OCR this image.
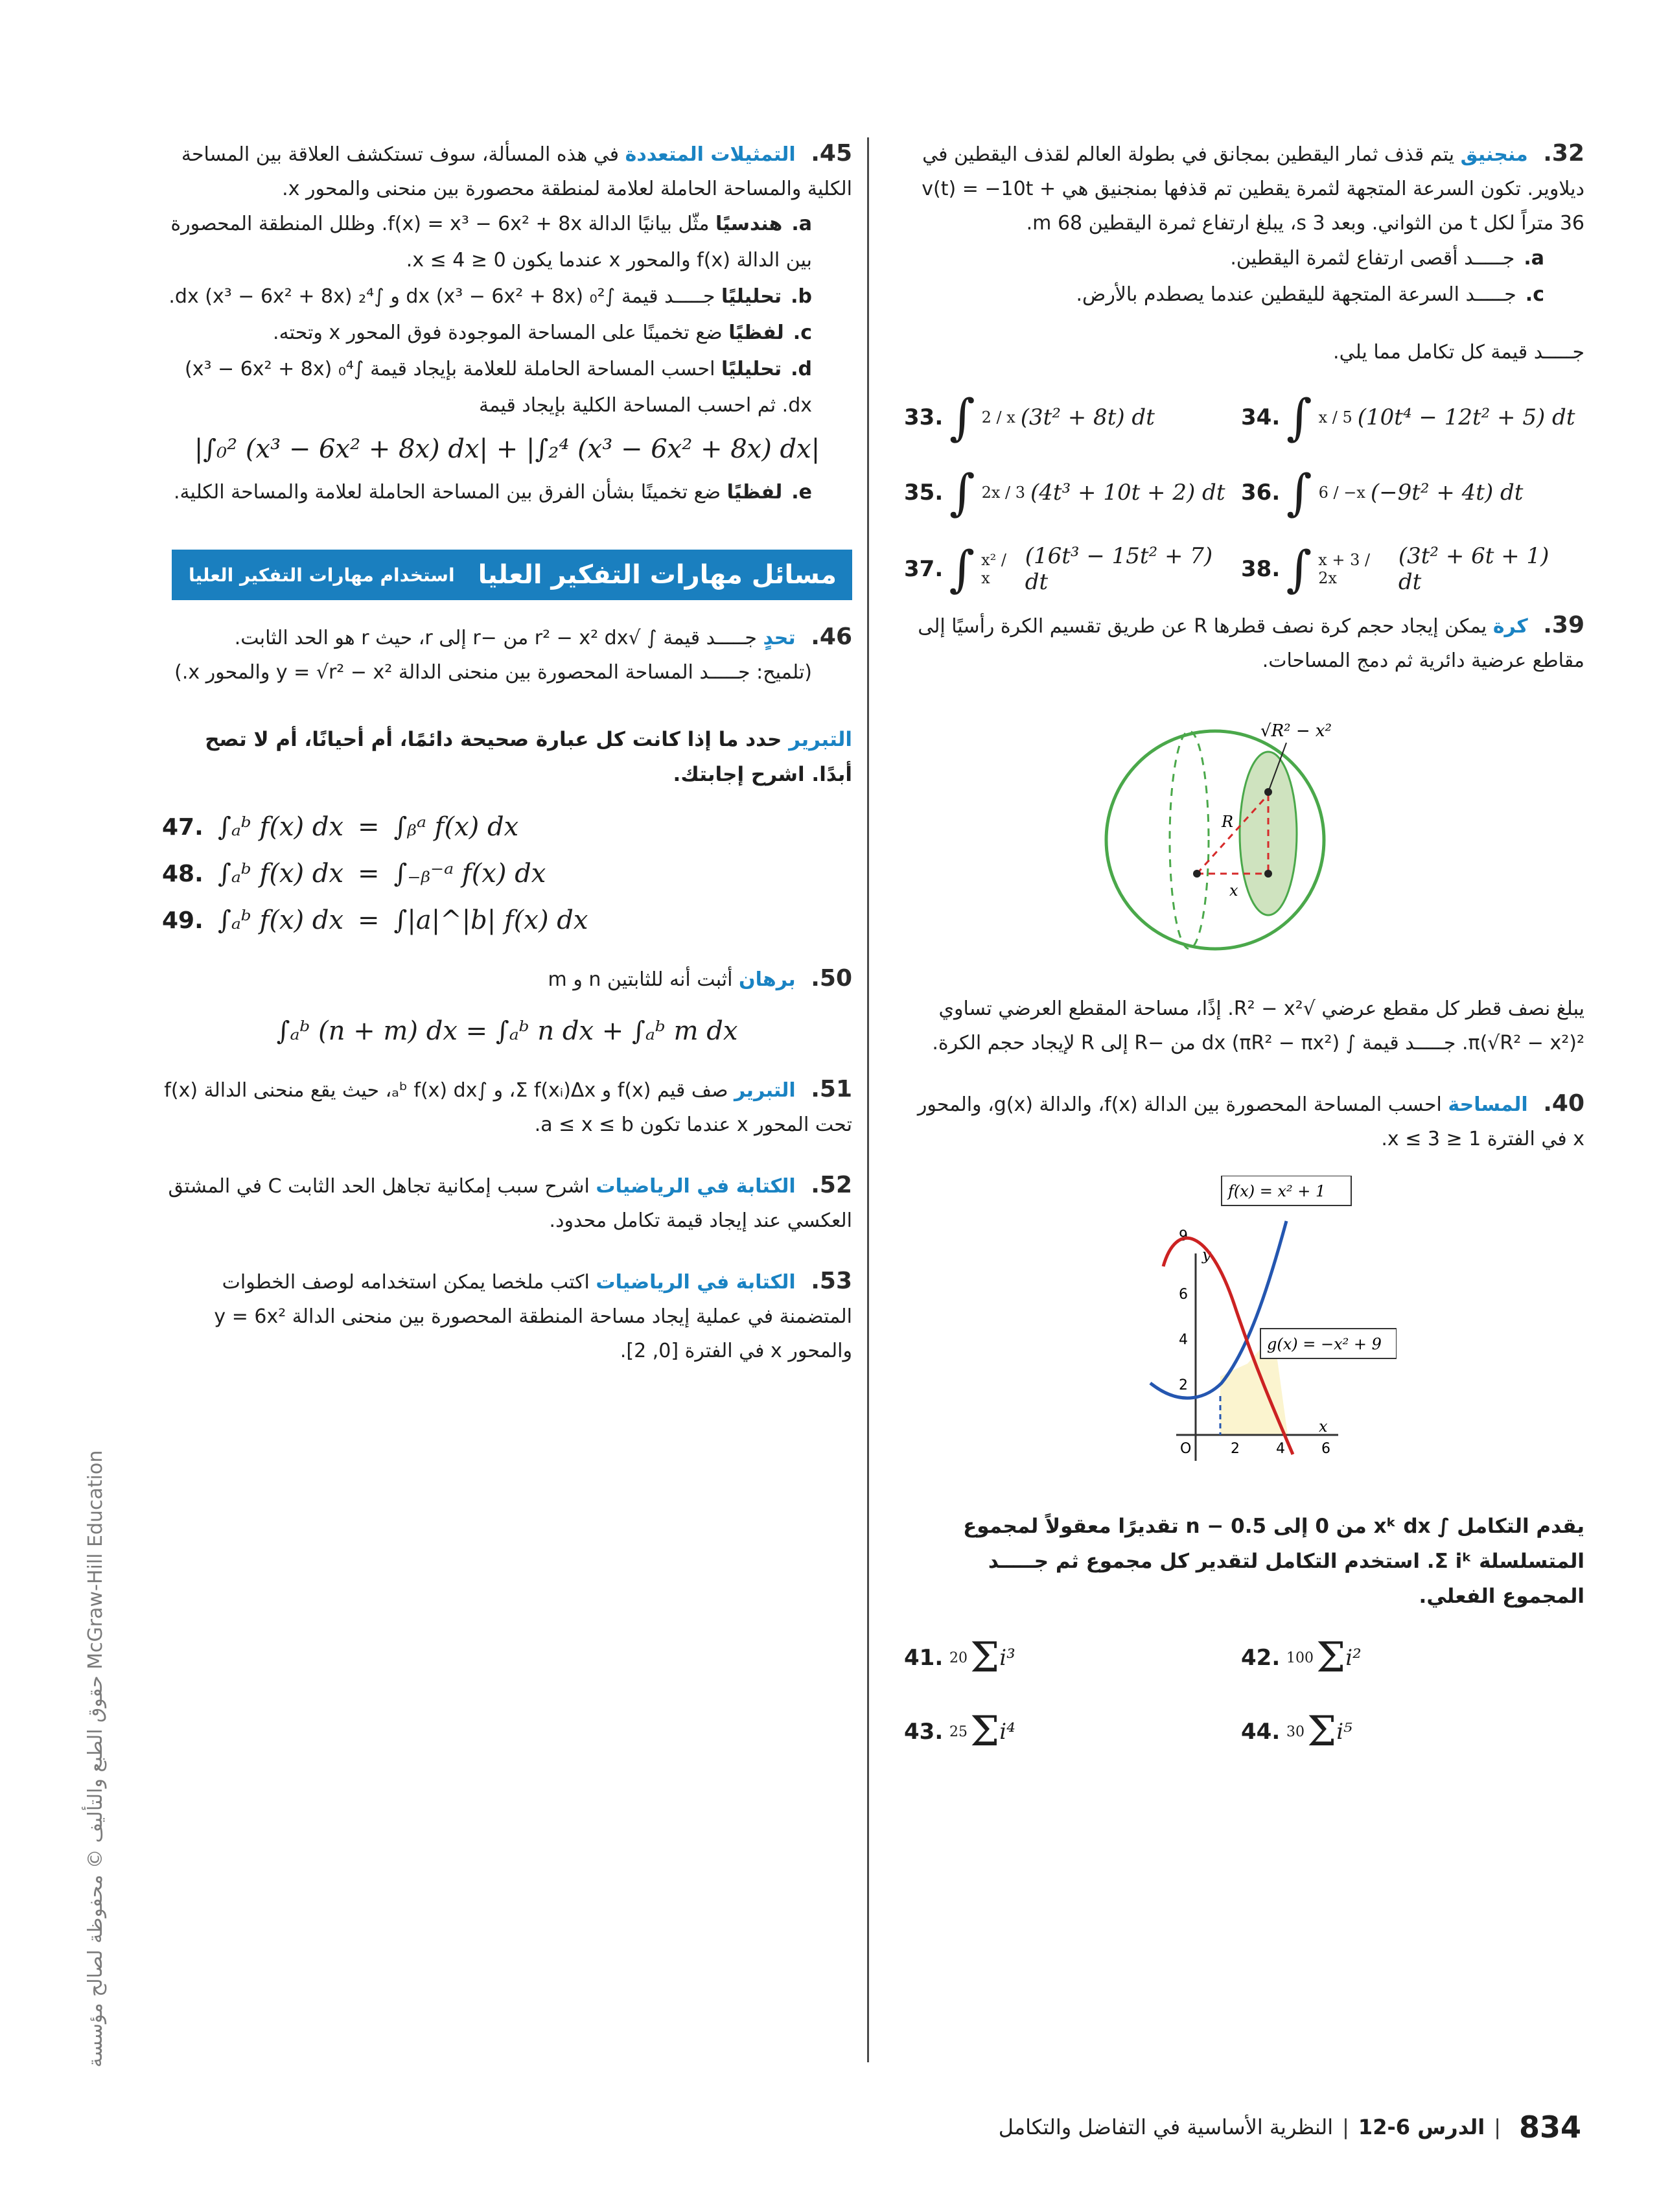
32. منجنيق يتم قذف ثمار اليقطين بمجانق في بطولة العالم لقذف اليقطين في ديلاوير. تكون السرعة المتجهة لثمرة يقطين تم قذفها بمنجنيق هي v(t) = −10t + 36 متراً لكل t من الثواني. وبعد 3 s، يبلغ ارتفاع ثمرة اليقطين 68 m.

a.جـــــد أقصى ارتفاع لثمرة اليقطين.
c.جـــــد السرعة المتجهة لليقطين عندما يصطدم بالأرض.

جـــــد قيمة كل تكامل مما يلي.

33. ∫ 2 / x (3t² + 8t) dt	34. ∫ x / 5 (10t⁴ − 12t² + 5) dt
35. ∫ 2x / 3 (4t³ + 10t + 2) dt 36. ∫ 6 / −x (−9t² + 4t) dt
37. ∫ x² / x
(16t³ − 15t² + 7) dt	38. ∫ x + 3 / 2x
(3t² + 6t + 1) dt

39. كرة يمكن إيجاد حجم كرة نصف قطرها R عن طريق تقسيم الكرة رأسيًا إلى مقاطع عرضية دائرية ثم دمج المساحات.

√R² − x²
R
x

يبلغ نصف قطر كل مقطع عرضي √R² − x². إذًا، مساحة المقطع العرضي تساوي π(√R² − x²)². جـــــد قيمة ∫ (πR² − πx²) dx من −R إلى R لإيجاد حجم الكرة.

40. المساحة احسب المساحة المحصورة بين الدالة f(x)، والدالة g(x)، والمحور x في الفترة 1 ≤ x ≤ 3.

x
y
O
2
4
6
9
2	4	6
f(x) = x² + 1
g(x) = −x² + 9

يقدم التكامل ∫ xᵏ dx من 0 إلى n − 0.5 تقديرًا معقولاً لمجموع المتسلسلة Σ iᵏ. استخدم التكامل لتقدير كل مجموع ثم جـــــد المجموع الفعلي.

41. 20 Σ i³	42. 100 Σ i²
43. 25 Σ i⁴	44. 30 Σ i⁵

45. التمثيلات المتعددة في هذه المسألة، سوف تستكشف العلاقة بين المساحة الكلية والمساحة الحاملة لعلامة لمنطقة محصورة بين منحنى والمحور x.

a.هندسيًا مثّل بيانيًا الدالة f(x) = x³ − 6x² + 8x. وظلل المنطقة المحصورة بين الدالة f(x) والمحور x عندما يكون 0 ≤ x ≤ 4.
b.تحليليًا جـــــد قيمة ∫₀² (x³ − 6x² + 8x) dx و ∫₂⁴ (x³ − 6x² + 8x) dx.
c.لفظيًا ضع تخمينًا على المساحة الموجودة فوق المحور x وتحته.
d.تحليليًا احسب المساحة الحاملة للعلامة بإيجاد قيمة ∫₀⁴ (x³ − 6x² + 8x) dx. ثم احسب المساحة الكلية بإيجاد قيمة
|∫₀² (x³ − 6x² + 8x) dx| + |∫₂⁴ (x³ − 6x² + 8x) dx|
e.لفظيًا ضع تخمينًا بشأن الفرق بين المساحة الحاملة لعلامة والمساحة الكلية.
مسائل مهارات التفكير العليا
استخدام مهارات التفكير العليا

46. تحدٍ جـــــد قيمة ∫ √r² − x² dx من −r إلى r، حيث r هو الحد الثابت.

(تلميح: جـــــد المساحة المحصورة بين منحنى الدالة y = √r² − x² والمحور x.)

التبرير حدد ما إذا كانت كل عبارة صحيحة دائمًا، أم أحيانًا، أم لا تصح أبدًا. اشرح إجابتك.

47. ∫ₐᵇ f(x) dx = ∫ᵦᵃ f(x) dx
48. ∫ₐᵇ f(x) dx = ∫₋ᵦ⁻ᵃ f(x) dx
49. ∫ₐᵇ f(x) dx = ∫|a|^|b| f(x) dx

50. برهان أثبت أنه للثابتين n و m

∫ₐᵇ (n + m) dx = ∫ₐᵇ n dx + ∫ₐᵇ m dx

51. التبرير صف قيم f(x) و Σ f(xᵢ)Δx، و ∫ₐᵇ f(x) dx، حيث يقع منحنى الدالة f(x) تحت المحور x عندما تكون a ≤ x ≤ b.

52. الكتابة في الرياضيات اشرح سبب إمكانية تجاهل الحد الثابت C في المشتق العكسي عند إيجاد قيمة تكامل محدود.

53. الكتابة في الرياضيات اكتب ملخصا يمكن استخدامه لوصف الخطوات المتضمنة في عملية إيجاد مساحة المنطقة المحصورة بين منحنى الدالة y = 6x² والمحور x في الفترة [0, 2].

McGraw-Hill Education حقوق الطبع والتأليف © محفوظة لصالح مؤسسة
834
|
الدرس 6-12
|
النظرية الأساسية في التفاضل والتكامل
